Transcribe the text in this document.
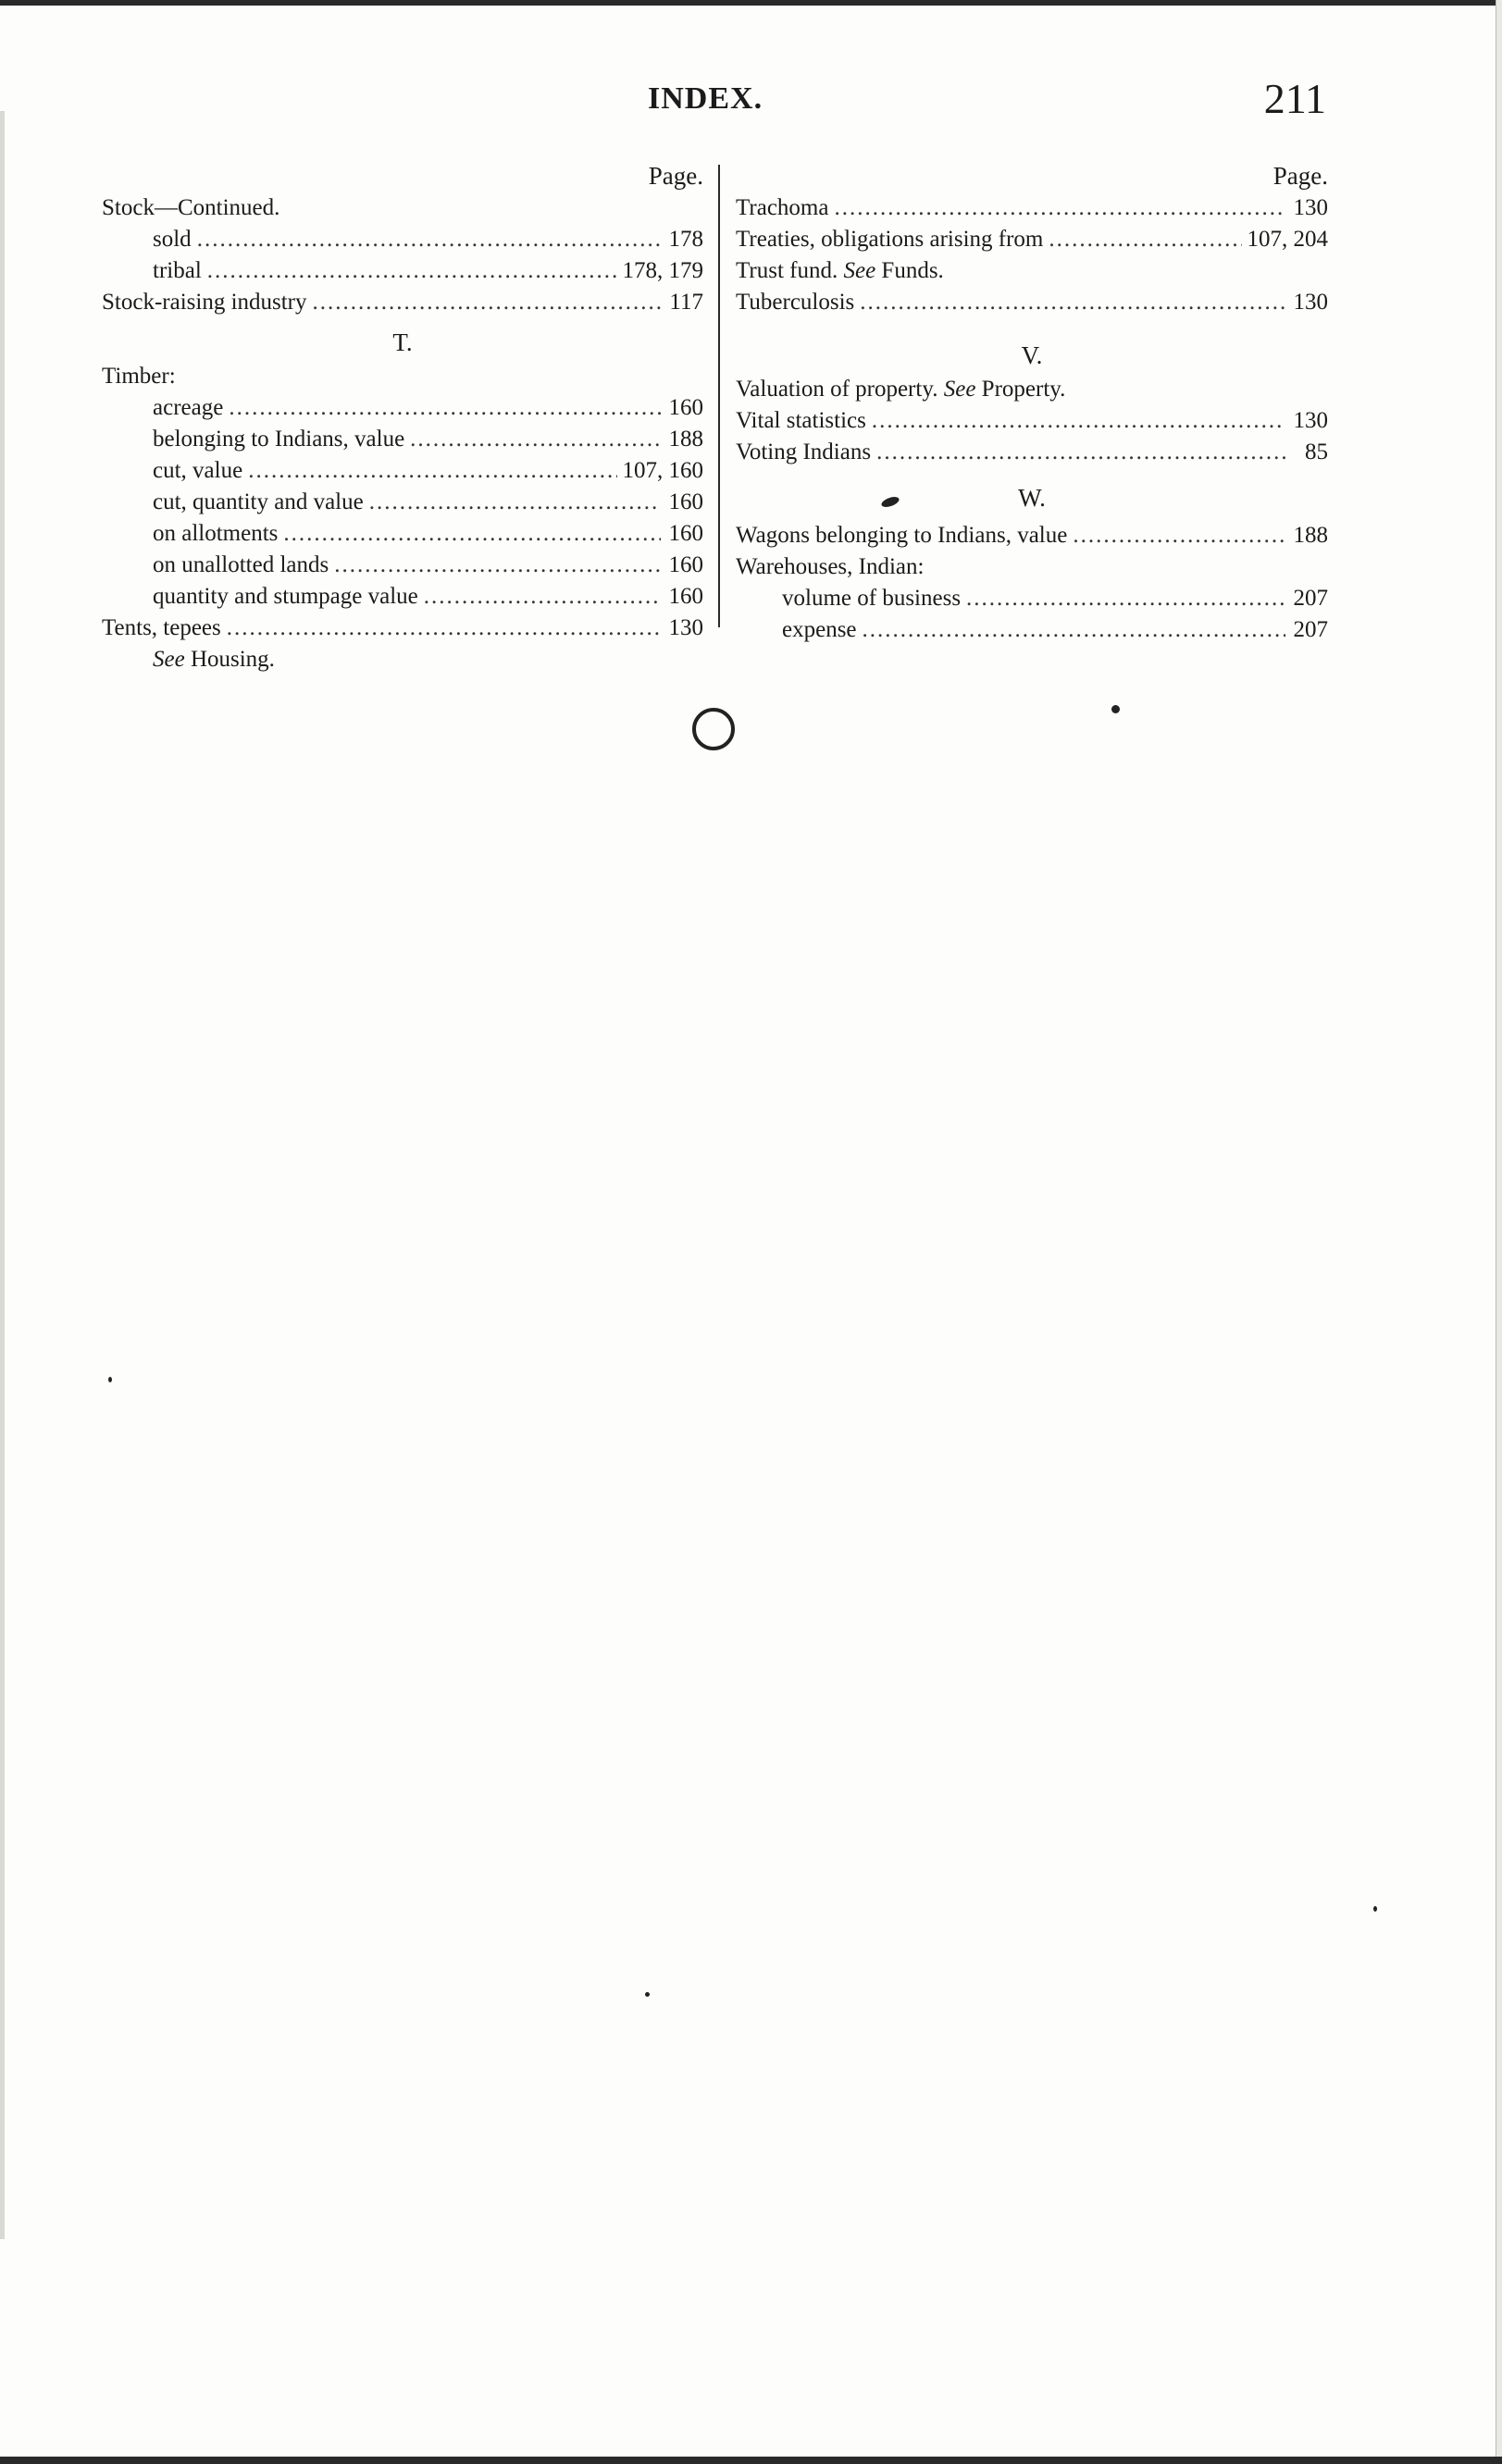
INDEX.	211
Page.
Stock—Continued.
sold .....	178
tribal .....	178, 179
Stock-raising industry .....	117
T.
Timber:
acreage .....	160
belonging to Indians, value .....	188
cut, value .....	107, 160
cut, quantity and value .....	160
on allotments .....	160
on unallotted lands .....	160
quantity and stumpage value .....	160
Tents, tepees .....	130
See Housing.
Page.
Trachoma .....	130
Treaties, obligations arising from .....	107, 204
Trust fund. See Funds.
Tuberculosis .....	130
V.
Valuation of property. See Property.
Vital statistics .....	130
Voting Indians .....	85
W.
Wagons belonging to Indians, value .....	188
Warehouses, Indian:
volume of business .....	207
expense .....	207
